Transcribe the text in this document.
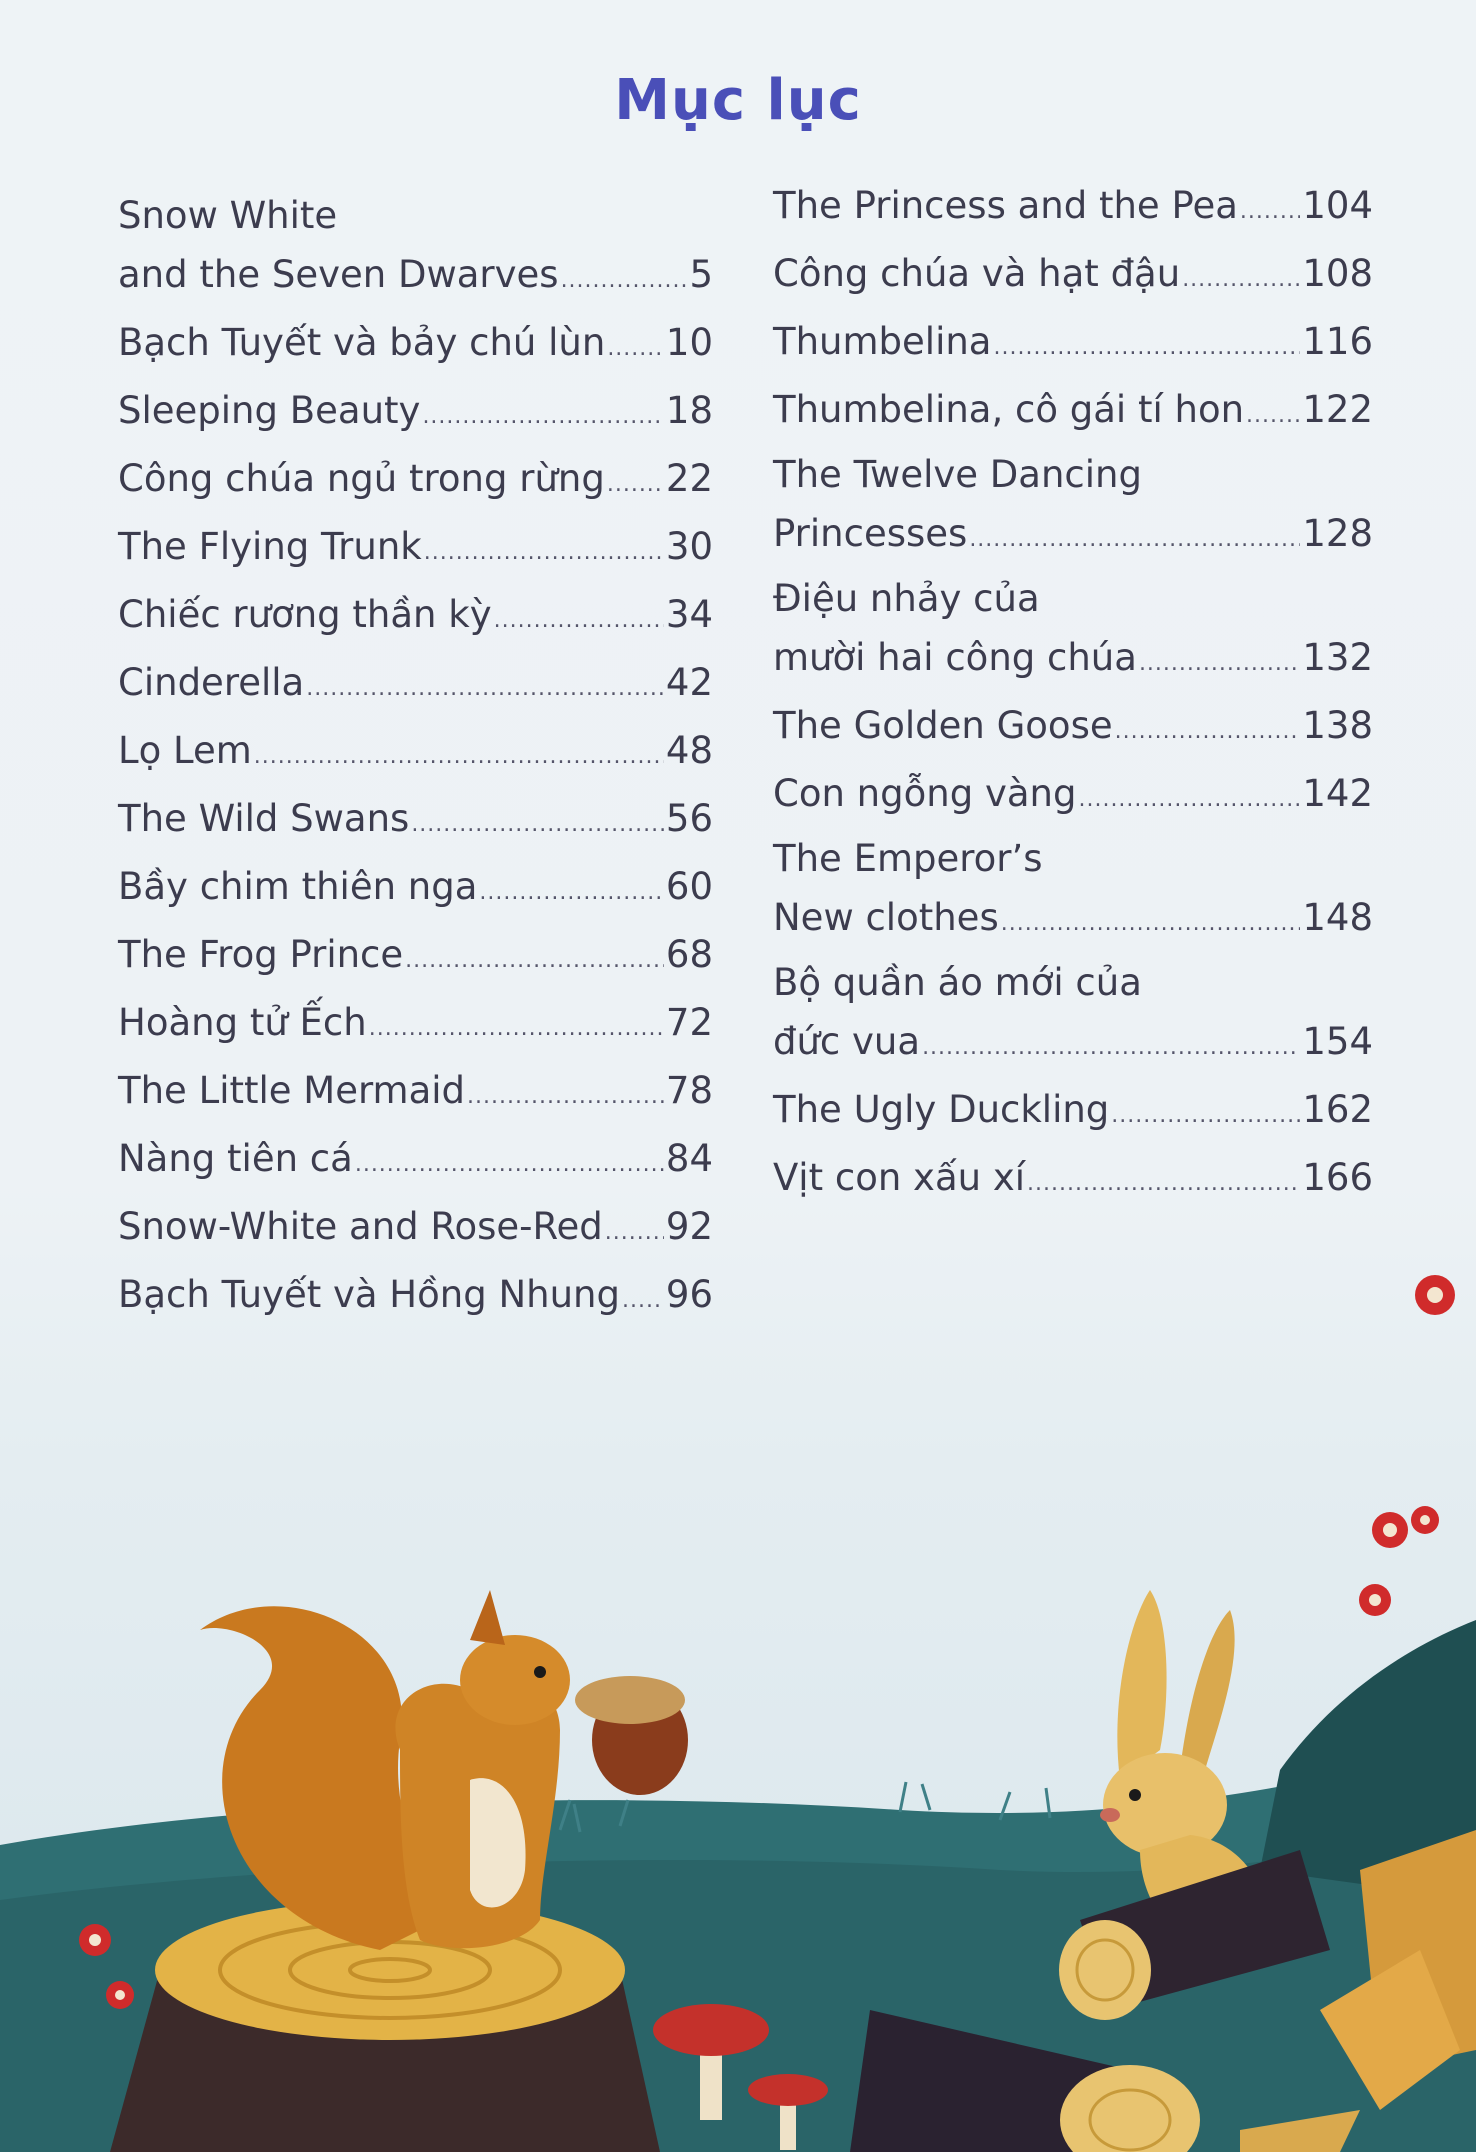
Mục lục
Snow White
and the Seven Dwarves .....	5
Bạch Tuyết và bảy chú lùn ..... 10
Sleeping Beauty .....	18
Công chúa ngủ trong rừng ..... 22
The Flying Trunk .....	30
Chiếc rương thần kỳ .....	34
Cinderella .....	42
Lọ Lem .....	48
The Wild Swans .....	56
Bầy chim thiên nga .....	60
The Frog Prince .....	68
Hoàng tử Ếch .....	72
The Little Mermaid .....	78
Nàng tiên cá .....	84
Snow-White and Rose-Red ..... 92
Bạch Tuyết và Hồng Nhung ..... 96
The Princess and the Pea ..... 104
Công chúa và hạt đậu .....	108
Thumbelina .....	116
Thumbelina, cô gái tí hon ..... 122
The Twelve Dancing
Princesses .....	128
Điệu nhảy của
mười hai công chúa .....	132
The Golden Goose .....	138
Con ngỗng vàng .....	142
The Emperor’s
New clothes .....	148
Bộ quần áo mới của
đức vua .....	154
The Ugly Duckling .....	162
Vịt con xấu xí .....	166
